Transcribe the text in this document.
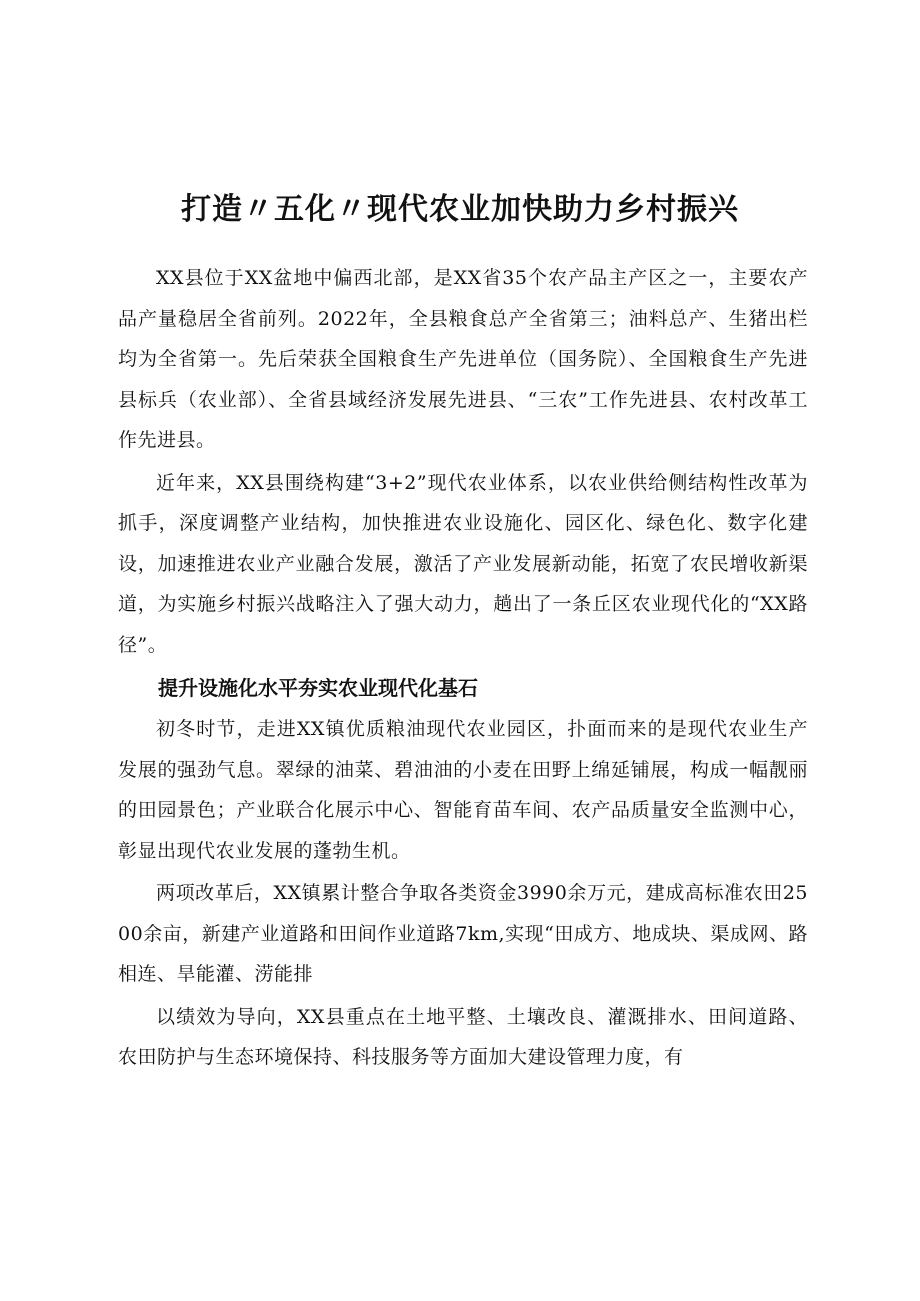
打造〃五化〃现代农业加快助力乡村振兴

XX县位于XX盆地中偏西北部，是XX省35个农产品主产区之一，主要农产品产量稳居全省前列。2022年，全县粮食总产全省第三；油料总产、生猪出栏均为全省第一。先后荣获全国粮食生产先进单位（国务院）、全国粮食生产先进县标兵（农业部）、全省县域经济发展先进县、“三农”工作先进县、农村改革工作先进县。

近年来，XX县围绕构建“3+2”现代农业体系，以农业供给侧结构性改革为抓手，深度调整产业结构，加快推进农业设施化、园区化、绿色化、数字化建设，加速推进农业产业融合发展，激活了产业发展新动能，拓宽了农民增收新渠道，为实施乡村振兴战略注入了强大动力，趟出了一条丘区农业现代化的“XX路径”。

提升设施化水平夯实农业现代化基石

初冬时节，走进XX镇优质粮油现代农业园区，扑面而来的是现代农业生产发展的强劲气息。翠绿的油菜、碧油油的小麦在田野上绵延铺展，构成一幅靓丽的田园景色；产业联合化展示中心、智能育苗车间、农产品质量安全监测中心，彰显出现代农业发展的蓬勃生机。

两项改革后，XX镇累计整合争取各类资金3990余万元，建成高标准农田2500余亩，新建产业道路和田间作业道路7km,实现“田成方、地成块、渠成网、路相连、旱能灌、涝能排

以绩效为导向，XX县重点在土地平整、土壤改良、灌溉排水、田间道路、农田防护与生态环境保持、科技服务等方面加大建设管理力度，有
